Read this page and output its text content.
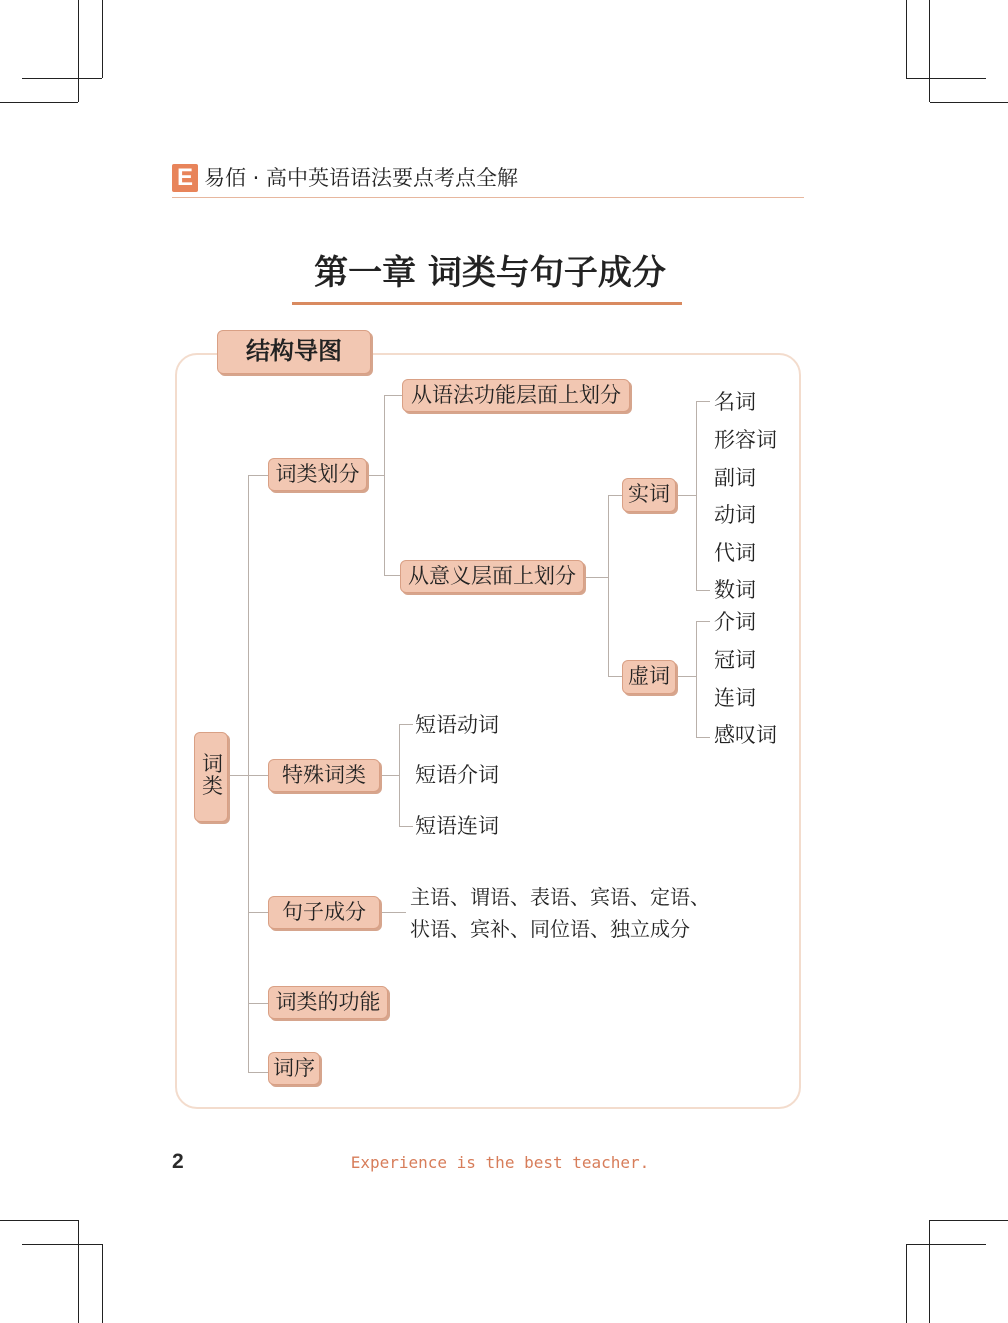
E 易佰 · 高中英语语法要点考点全解
第一章 词类与句子成分
结构导图
词类
词类划分
从语法功能层面上划分
从意义层面上划分
实词
虚词
特殊词类
句子成分
词类的功能
词序
名词
形容词
副词
动词
代词
数词
介词
冠词
连词
感叹词
短语动词
短语介词
短语连词
主语、谓语、表语、宾语、定语、
状语、宾补、同位语、独立成分
2	Experience is the best teacher.
